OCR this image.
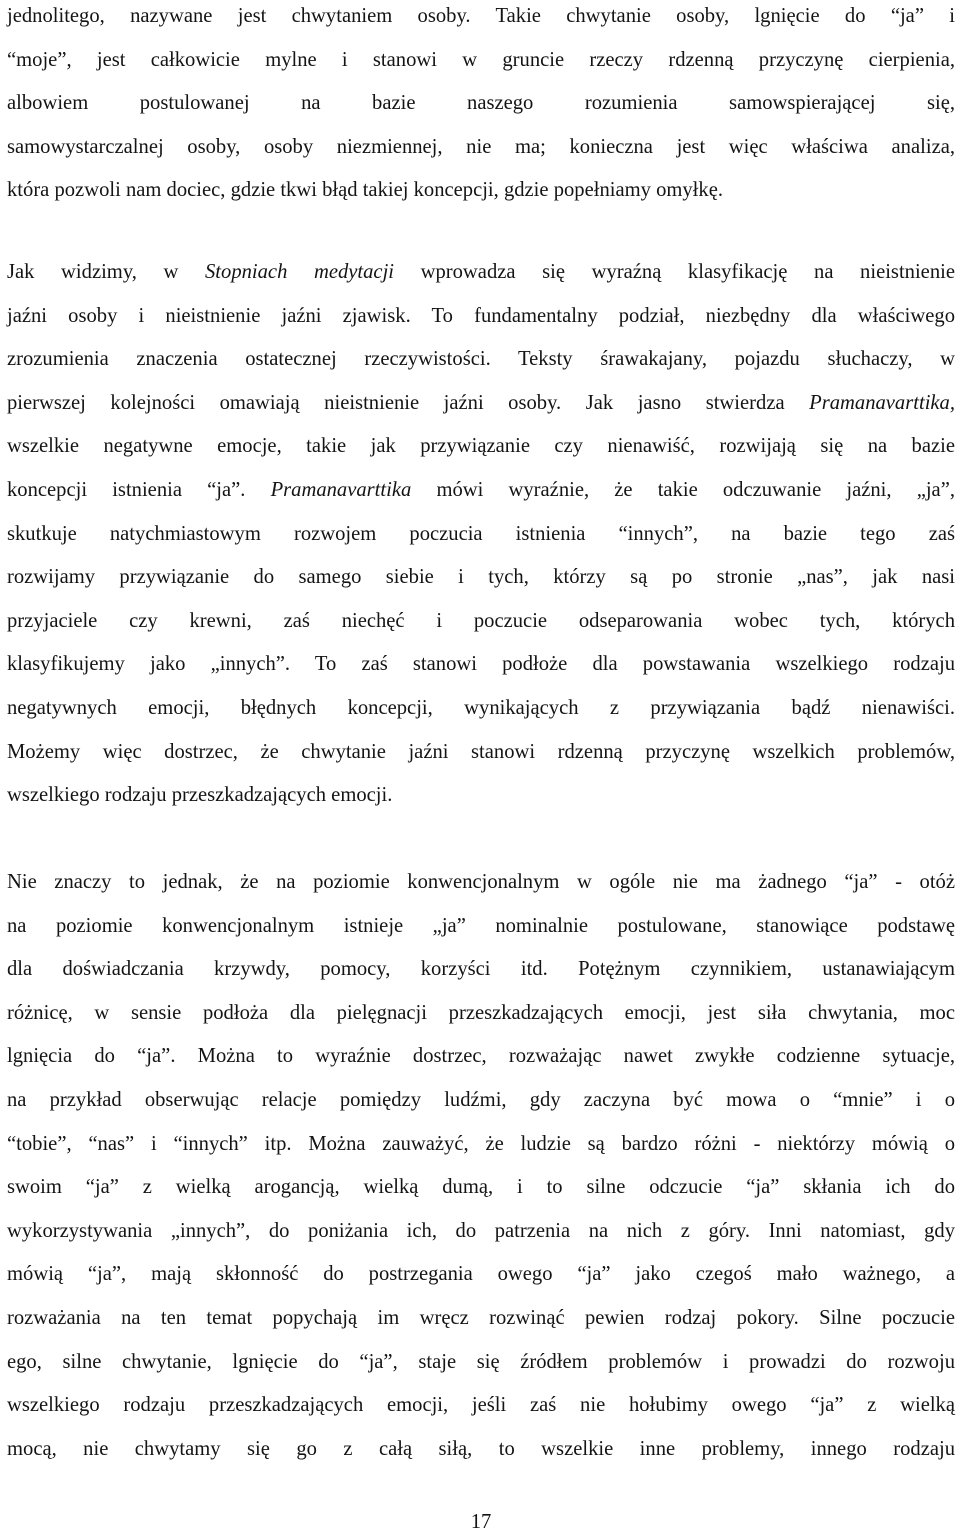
jednolitego, nazywane jest chwytaniem osoby. Takie chwytanie osoby, lgnięcie do “ja” i
“moje”, jest całkowicie mylne i stanowi w gruncie rzeczy rdzenną przyczynę cierpienia,
albowiem postulowanej na bazie naszego rozumienia samowspierającej się,
samowystarczalnej osoby, osoby niezmiennej, nie ma; konieczna jest więc właściwa analiza,
która pozwoli nam dociec, gdzie tkwi błąd takiej koncepcji, gdzie popełniamy omyłkę.

Jak widzimy, w Stopniach medytacji wprowadza się wyraźną klasyfikację na nieistnienie
jaźni osoby i nieistnienie jaźni zjawisk. To fundamentalny podział, niezbędny dla właściwego
zrozumienia znaczenia ostatecznej rzeczywistości. Teksty śrawakajany, pojazdu słuchaczy, w
pierwszej kolejności omawiają nieistnienie jaźni osoby. Jak jasno stwierdza Pramanavarttika,
wszelkie negatywne emocje, takie jak przywiązanie czy nienawiść, rozwijają się na bazie
koncepcji istnienia “ja”. Pramanavarttika mówi wyraźnie, że takie odczuwanie jaźni, „ja”,
skutkuje natychmiastowym rozwojem poczucia istnienia “innych”, na bazie tego zaś
rozwijamy przywiązanie do samego siebie i tych, którzy są po stronie „nas”, jak nasi
przyjaciele czy krewni, zaś niechęć i poczucie odseparowania wobec tych, których
klasyfikujemy jako „innych”. To zaś stanowi podłoże dla powstawania wszelkiego rodzaju
negatywnych emocji, błędnych koncepcji, wynikających z przywiązania bądź nienawiści.
Możemy więc dostrzec, że chwytanie jaźni stanowi rdzenną przyczynę wszelkich problemów,
wszelkiego rodzaju przeszkadzających emocji.

Nie znaczy to jednak, że na poziomie konwencjonalnym w ogóle nie ma żadnego “ja” - otóż
na poziomie konwencjonalnym istnieje „ja” nominalnie postulowane, stanowiące podstawę
dla doświadczania krzywdy, pomocy, korzyści itd. Potężnym czynnikiem, ustanawiającym
różnicę, w sensie podłoża dla pielęgnacji przeszkadzających emocji, jest siła chwytania, moc
lgnięcia do “ja”. Można to wyraźnie dostrzec, rozważając nawet zwykłe codzienne sytuacje,
na przykład obserwując relacje pomiędzy ludźmi, gdy zaczyna być mowa o “mnie” i o
“tobie”, “nas” i “innych” itp. Można zauważyć, że ludzie są bardzo różni - niektórzy mówią o
swoim “ja” z wielką arogancją, wielką dumą, i to silne odczucie “ja” skłania ich do
wykorzystywania „innych”, do poniżania ich, do patrzenia na nich z góry. Inni natomiast, gdy
mówią “ja”, mają skłonność do postrzegania owego “ja” jako czegoś mało ważnego, a
rozważania na ten temat popychają im wręcz rozwinąć pewien rodzaj pokory. Silne poczucie
ego, silne chwytanie, lgnięcie do “ja”, staje się źródłem problemów i prowadzi do rozwoju
wszelkiego rodzaju przeszkadzających emocji, jeśli zaś nie hołubimy owego “ja” z wielką
mocą, nie chwytamy się go z całą siłą, to wszelkie inne problemy, innego rodzaju

17
